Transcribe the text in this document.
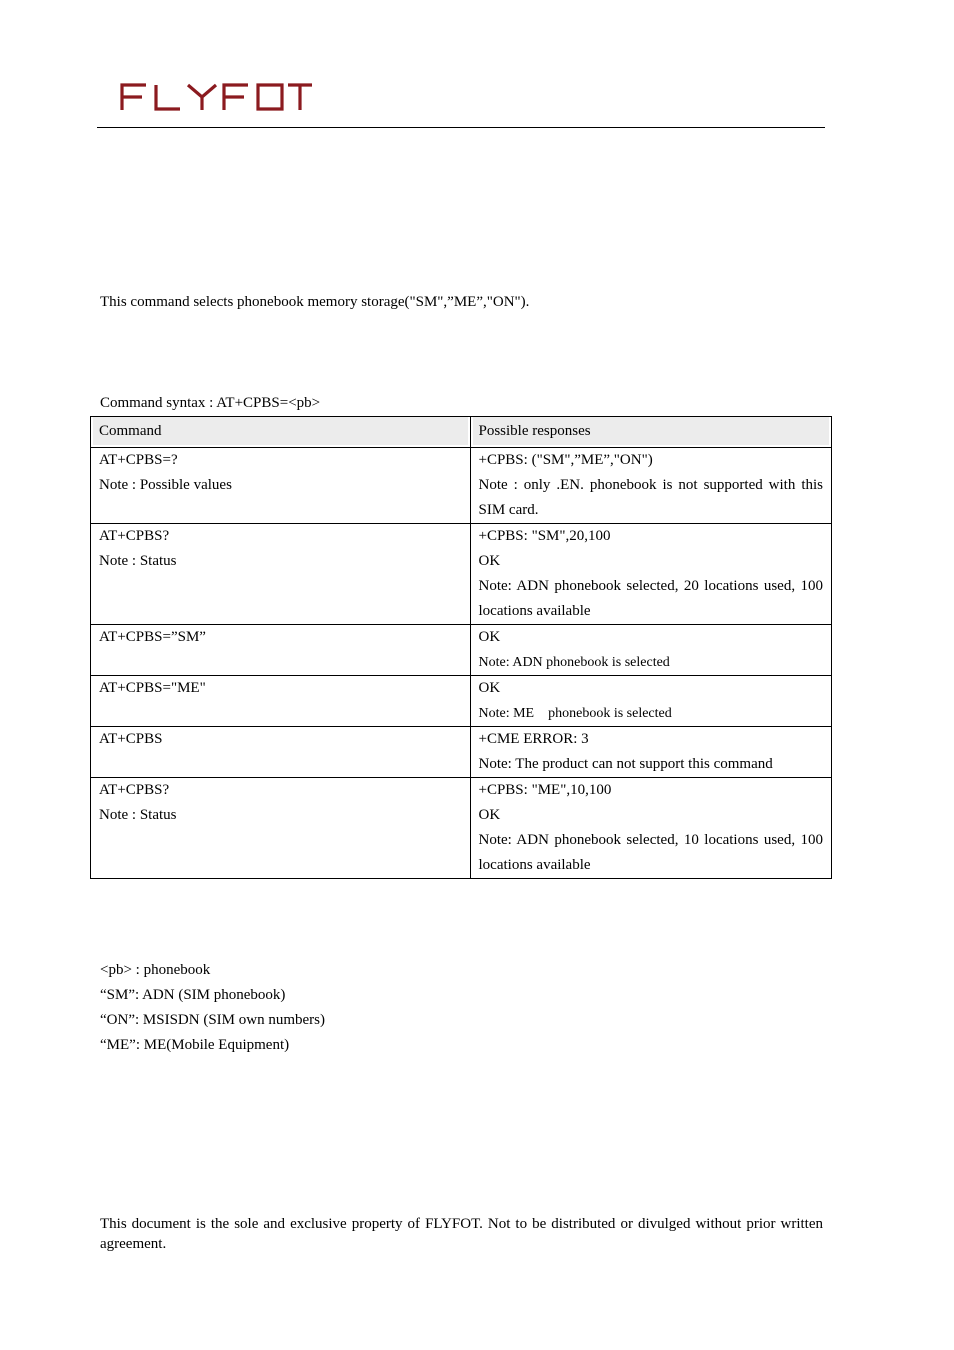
This command selects phonebook memory storage("SM",”ME”,"ON").
Command syntax : AT+CPBS=<pb>
Command	Possible responses

AT+CPBS=?
Note : Possible values	+CPBS: ("SM",”ME”,"ON")
Note : only .EN. phonebook is not supported with this SIM card.

AT+CPBS?
Note : Status	+CPBS: "SM",20,100
OK
Note: ADN phonebook selected, 20 locations used, 100 locations available

AT+CPBS=”SM”	OK
Note: ADN phonebook is selected

AT+CPBS="ME"	OK
Note: ME    phonebook is selected

AT+CPBS	+CME ERROR: 3
Note: The product can not support this command

AT+CPBS?
Note : Status	+CPBS: "ME",10,100
OK
Note: ADN phonebook selected, 10 locations used, 100 locations available
<pb> : phonebook
“SM”: ADN (SIM phonebook)
“ON”: MSISDN (SIM own numbers)
“ME”: ME(Mobile Equipment)
This document is the sole and exclusive property of FLYFOT. Not to be distributed or divulged without prior written agreement.
